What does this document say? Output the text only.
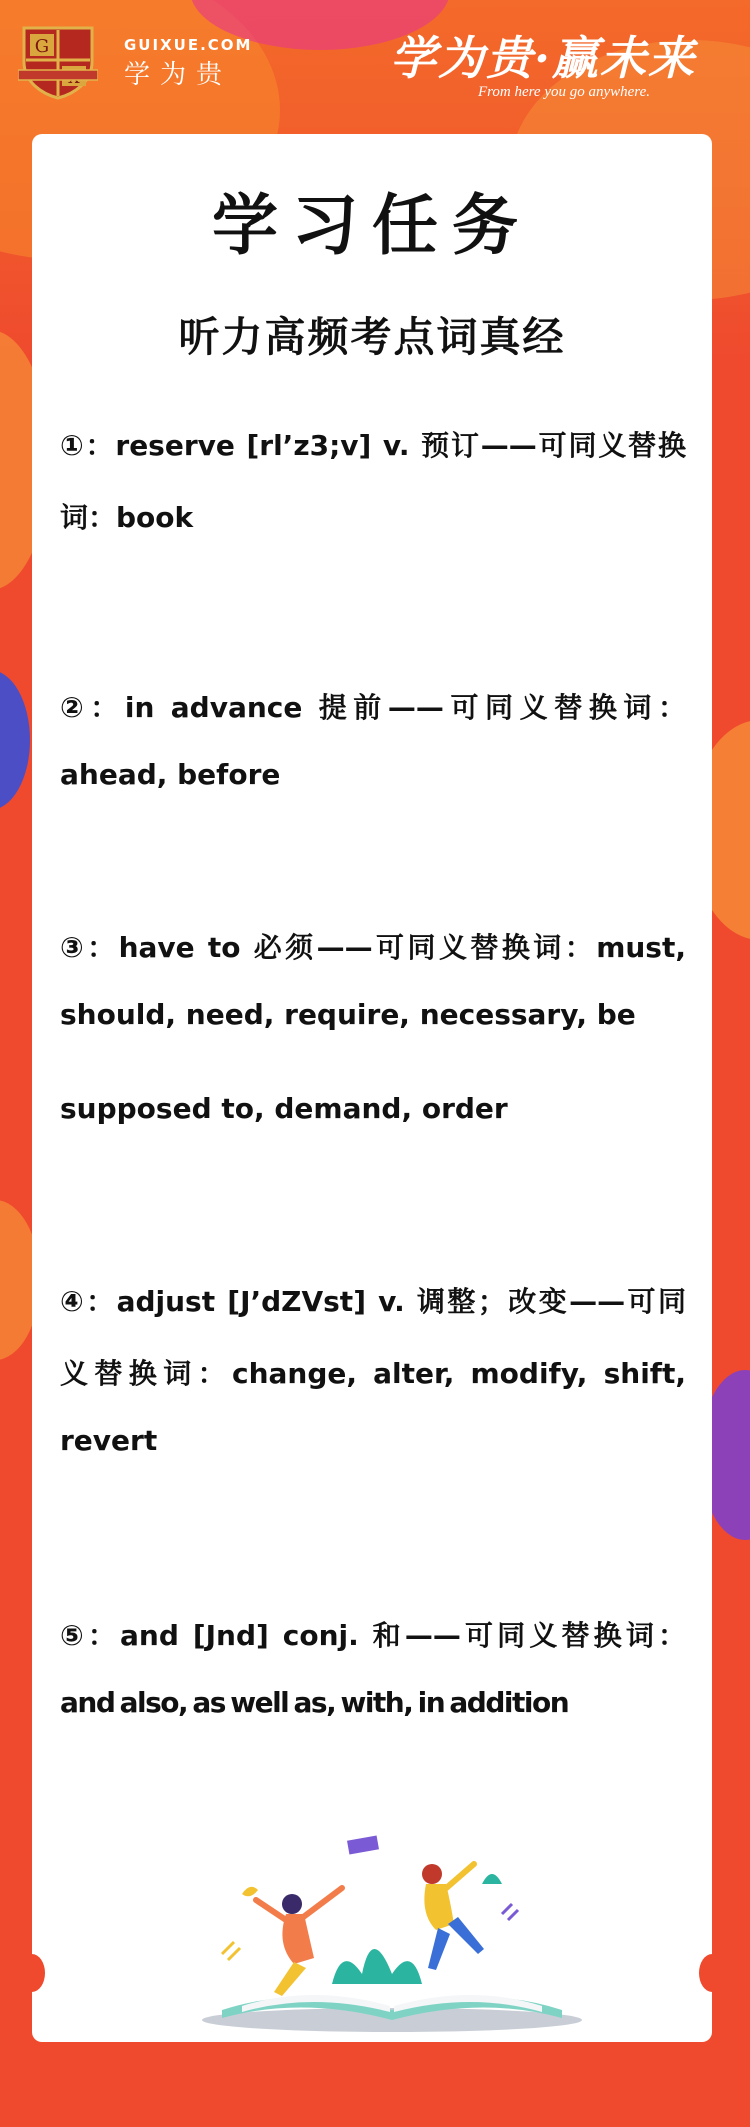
G	GUIXUE.COM
学为贵	学为贵·赢未来
From here you go anywhere.
学习任务
听力高频考点词真经
①：reserve [rl’z3;v] v. 预订——可同义替换
词：book
②：in advance 提前——可同义替换词：
ahead, before
③：have to 必须——可同义替换词：must,
should, need, require, necessary, be
supposed to, demand, order
④：adjust [J’dZVst] v. 调整；改变——可同
义替换词：change, alter, modify, shift,
revert
⑤：and [Jnd] conj. 和——可同义替换词：
and also, as well as, with, in addition
